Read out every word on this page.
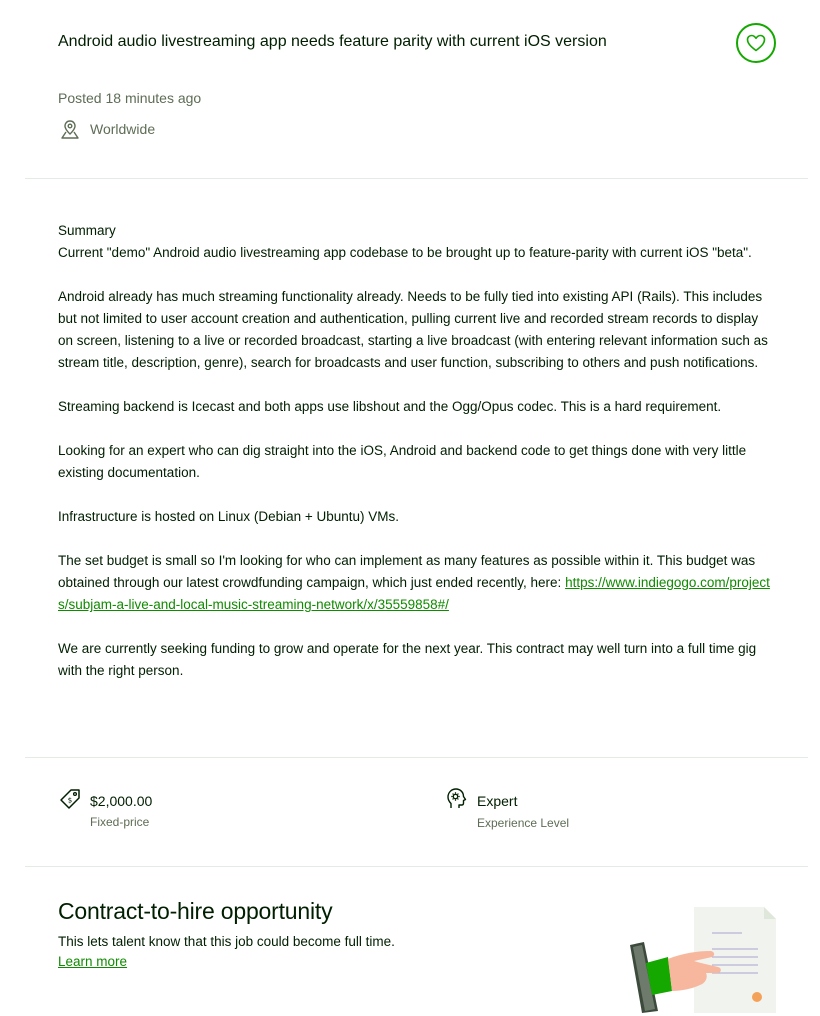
Android audio livestreaming app needs feature parity with current iOS version
Posted 18 minutes ago
Worldwide
Summary

Current "demo" Android audio livestreaming app codebase to be brought up to feature-parity with current iOS "beta".

Android already has much streaming functionality already. Needs to be fully tied into existing API (Rails). This includes but not limited to user account creation and authentication, pulling current live and recorded stream records to display on screen, listening to a live or recorded broadcast, starting a live broadcast (with entering relevant information such as stream title, description, genre), search for broadcasts and user function, subscribing to others and push notifications.

Streaming backend is Icecast and both apps use libshout and the Ogg/Opus codec. This is a hard requirement.

Looking for an expert who can dig straight into the iOS, Android and backend code to get things done with very little existing documentation.

Infrastructure is hosted on Linux (Debian + Ubuntu) VMs.

The set budget is small so I'm looking for who can implement as many features as possible within it. This budget was obtained through our latest crowdfunding campaign, which just ended recently, here: https://www.indiegogo.com/projects/subjam-a-live-and-local-music-streaming-network/x/35559858#/

We are currently seeking funding to grow and operate for the next year. This contract may well turn into a full time gig with the right person.

$ $2,000.00
Fixed-price
Expert
Experience Level
Contract-to-hire opportunity
This lets talent know that this job could become full time.
Learn more
